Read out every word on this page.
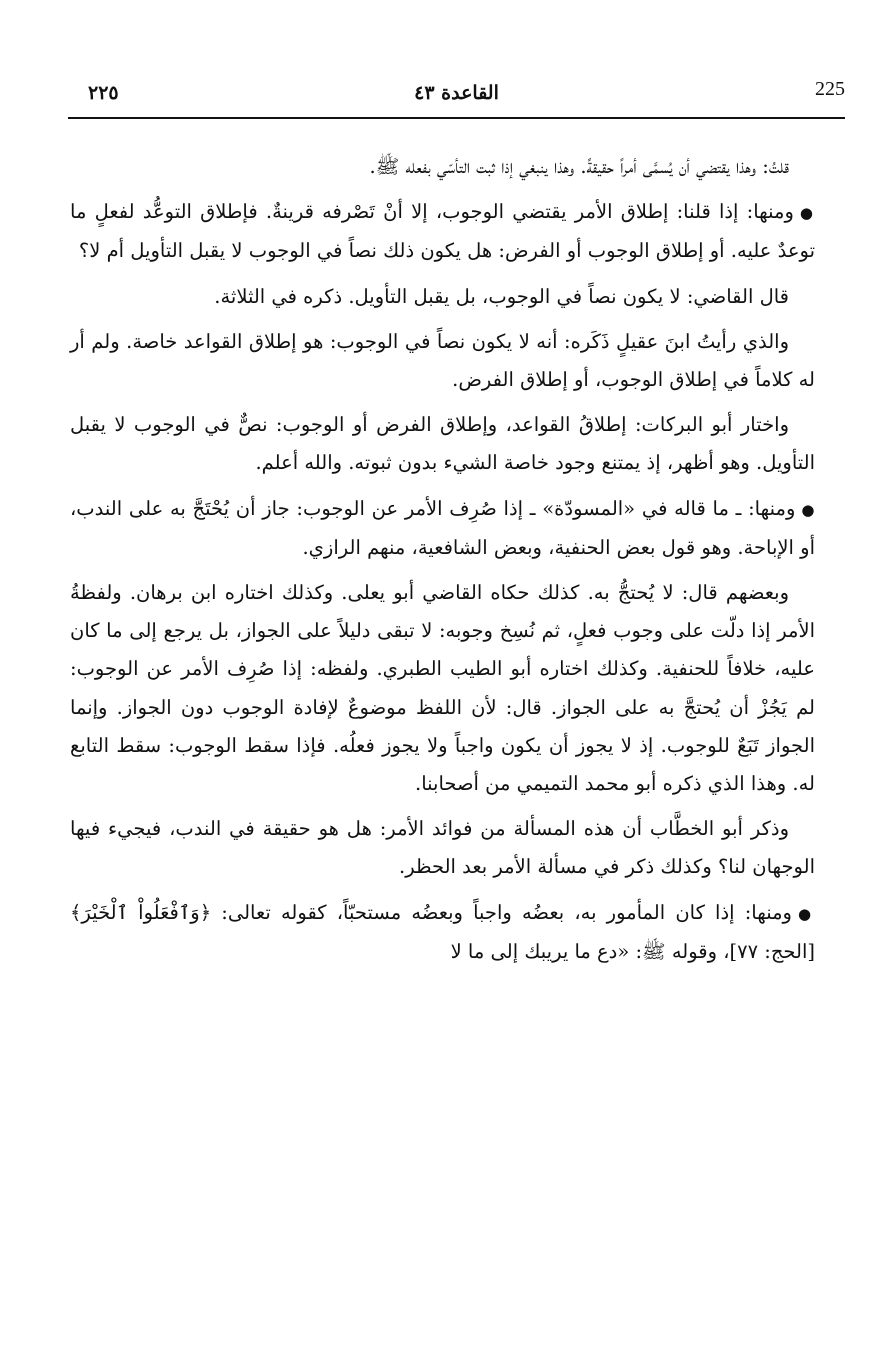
225
القاعدة ٤٣
٢٢٥

قلتُ: وهذا يقتضي أن يُسمَّى أمراً حقيقةً. وهذا ينبغي إذا ثبت التأسّي بفعله ﷺ.

●ومنها: إذا قلنا: إطلاق الأمر يقتضي الوجوب، إلا أنْ تَصْرفه قرينةٌ. فإطلاق التوعُّد لفعلٍ ما توعدٌ عليه. أو إطلاق الوجوب أو الفرض: هل يكون ذلك نصاً في الوجوب لا يقبل التأويل أم لا؟

قال القاضي: لا يكون نصاً في الوجوب، بل يقبل التأويل. ذكره في الثلاثة.

والذي رأيتُ ابنَ عقيلٍ ذَكَره: أنه لا يكون نصاً في الوجوب: هو إطلاق القواعد خاصة. ولم أر له كلاماً في إطلاق الوجوب، أو إطلاق الفرض.

واختار أبو البركات: إطلاقُ القواعد، وإطلاق الفرض أو الوجوب: نصٌّ في الوجوب لا يقبل التأويل. وهو أظهر، إذ يمتنع وجود خاصة الشيء بدون ثبوته. والله أعلم.

●ومنها: ـ ما قاله في «المسودّة» ـ إذا صُرِف الأمر عن الوجوب: جاز أن يُحْتَجَّ به على الندب، أو الإباحة. وهو قول بعض الحنفية، وبعض الشافعية، منهم الرازي.

وبعضهم قال: لا يُحتجُّ به. كذلك حكاه القاضي أبو يعلى. وكذلك اختاره ابن برهان. ولفظةُ الأمر إذا دلّت على وجوب فعلٍ، ثم نُسِخ وجوبه: لا تبقى دليلاً على الجواز، بل يرجع إلى ما كان عليه، خلافاً للحنفية. وكذلك اختاره أبو الطيب الطبري. ولفظه: إذا صُرِف الأمر عن الوجوب: لم يَجُزْ أن يُحتجَّ به على الجواز. قال: لأن اللفظ موضوعٌ لإفادة الوجوب دون الجواز. وإنما الجواز تَبَعٌ للوجوب. إذ لا يجوز أن يكون واجباً ولا يجوز فعلُه. فإذا سقط الوجوب: سقط التابع له. وهذا الذي ذكره أبو محمد التميمي من أصحابنا.

وذكر أبو الخطَّاب أن هذه المسألة من فوائد الأمر: هل هو حقيقة في الندب، فيجيء فيها الوجهان لنا؟ وكذلك ذكر في مسألة الأمر بعد الحظر.

●ومنها: إذا كان المأمور به، بعضُه واجباً وبعضُه مستحبّاً، كقوله تعالى: ﴿وَٱفْعَلُواْ ٱلْخَيْرَ﴾ [الحج: ٧٧]، وقوله ﷺ: «دع ما يريبك إلى ما لا
